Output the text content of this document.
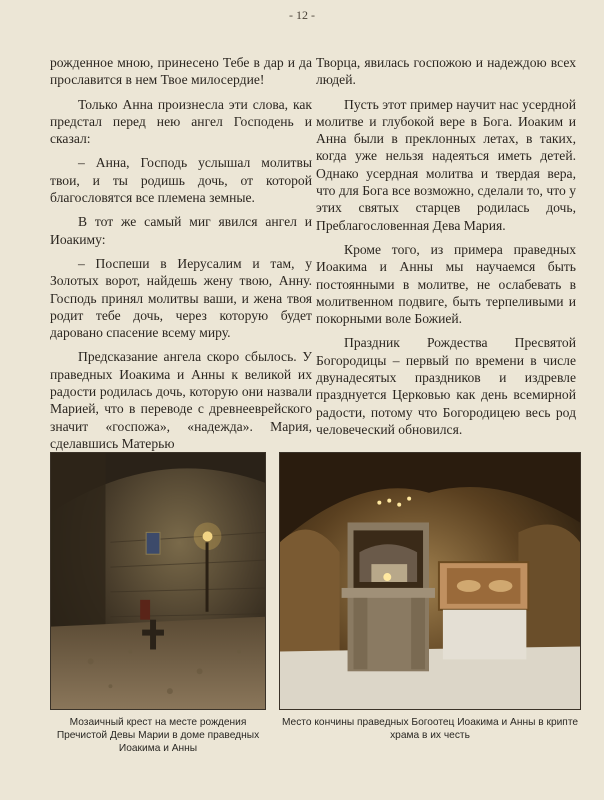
- 12 -

рожденное мною, принесено Тебе в дар и да прославится в нем Твое милосердие!

Только Анна произнесла эти слова, как предстал перед нею ангел Господень и сказал:

– Анна, Господь услышал молитвы твои, и ты родишь дочь, от которой благословятся все племена земные.

В тот же самый миг явился ангел и Иоакиму:

– Поспеши в Иерусалим и там, у Золотых ворот, найдешь жену твою, Анну. Господь принял молитвы ваши, и жена твоя родит тебе дочь, через которую будет даровано спасение всему миру.

Предсказание ангела скоро сбылось. У праведных Иоакима и Анны к великой их радости родилась дочь, которую они назвали Марией, что в переводе с древнееврейского значит «госпожа», «надежда». Мария, сделавшись Матерью

Творца, явилась госпожою и надеждою всех людей.

Пусть этот пример научит нас усердной молитве и глубокой вере в Бога. Иоаким и Анна были в преклонных летах, в таких, когда уже нельзя надеяться иметь детей. Однако усердная молитва и твердая вера, что для Бога все возможно, сделали то, что у этих святых старцев родилась дочь, Преблагословенная Дева Мария.

Кроме того, из примера праведных Иоакима и Анны мы научаемся быть постоянными в молитве, не ослабевать в молитвенном подвиге, быть терпеливыми и покорными воле Божией.

Праздник Рождества Пресвятой Богородицы – первый по времени в числе двунадесятых праздников и издревле празднуется Церковью как день всемирной радости, потому что Богородицею весь род человеческий обновился.

Мозаичный крест на месте рождения Пречистой Девы Марии в доме праведных Иоакима и Анны
Место кончины праведных Богоотец Иоакима и Анны в крипте храма в их честь
